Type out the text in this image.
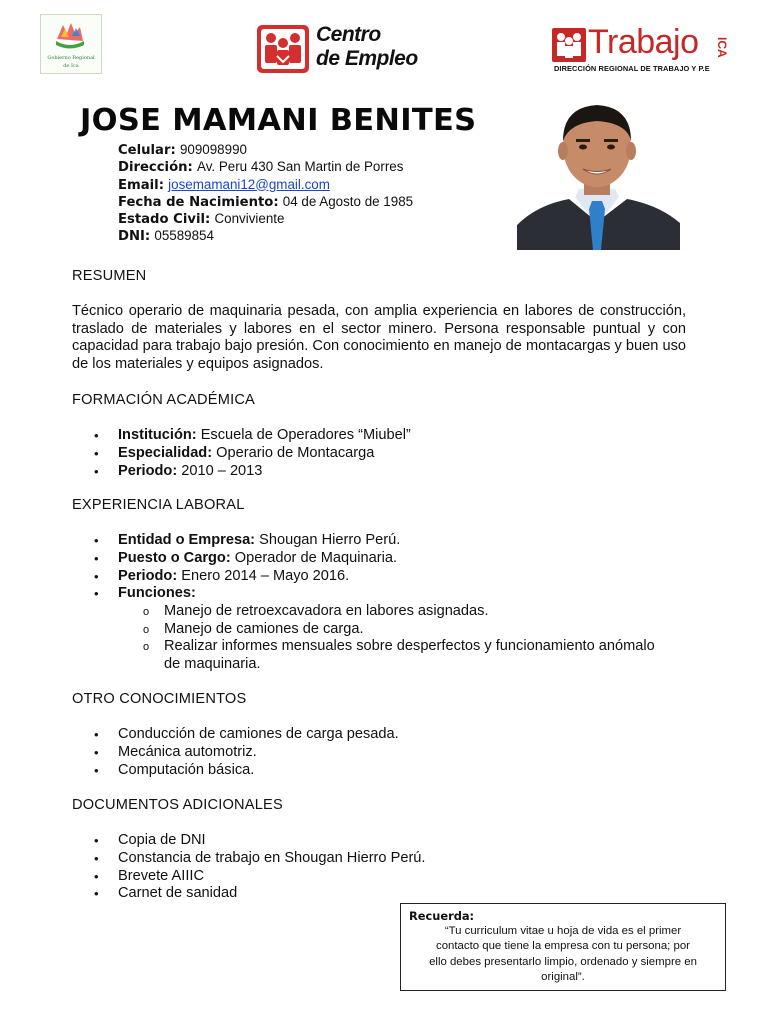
Gobierno Regional
de Ica
Centro
de Empleo	Trabajo ICA
DIRECCIÓN REGIONAL DE TRABAJO Y P.E
JOSE MAMANI BENITES
Celular: 909098990
Dirección: Av. Peru 430 San Martin de Porres
Email: josemamani12@gmail.com
Fecha de Nacimiento: 04 de Agosto de 1985
Estado Civil: Conviviente
DNI: 05589854
RESUMEN
Técnico operario de maquinaria pesada, con amplia experiencia en labores de construcción, traslado de materiales y labores en el sector minero. Persona responsable puntual y con capacidad para trabajo bajo presión. Con conocimiento en manejo de montacargas y buen uso de los materiales y equipos asignados.
FORMACIÓN ACADÉMICA
• Institución: Escuela de Operadores “Miubel”
• Especialidad: Operario de Montacarga
• Periodo: 2010 – 2013
EXPERIENCIA LABORAL
• Entidad o Empresa: Shougan Hierro Perú.
• Puesto o Cargo: Operador de Maquinaria.
• Periodo: Enero 2014 – Mayo 2016.
• Funciones:
o Manejo de retroexcavadora en labores asignadas.
o Manejo de camiones de carga.
o Realizar informes mensuales sobre desperfectos y funcionamiento anómalo
de maquinaria.
OTRO CONOCIMIENTOS
• Conducción de camiones de carga pesada.
• Mecánica automotriz.
• Computación básica.
DOCUMENTOS ADICIONALES
• Copia de DNI
• Constancia de trabajo en Shougan Hierro Perú.
• Brevete AIIIC
• Carnet de sanidad
Recuerda:
“Tu curriculum vitae u hoja de vida es el primer
contacto que tiene la empresa con tu persona; por
ello debes presentarlo limpio, ordenado y siempre en
original”.
